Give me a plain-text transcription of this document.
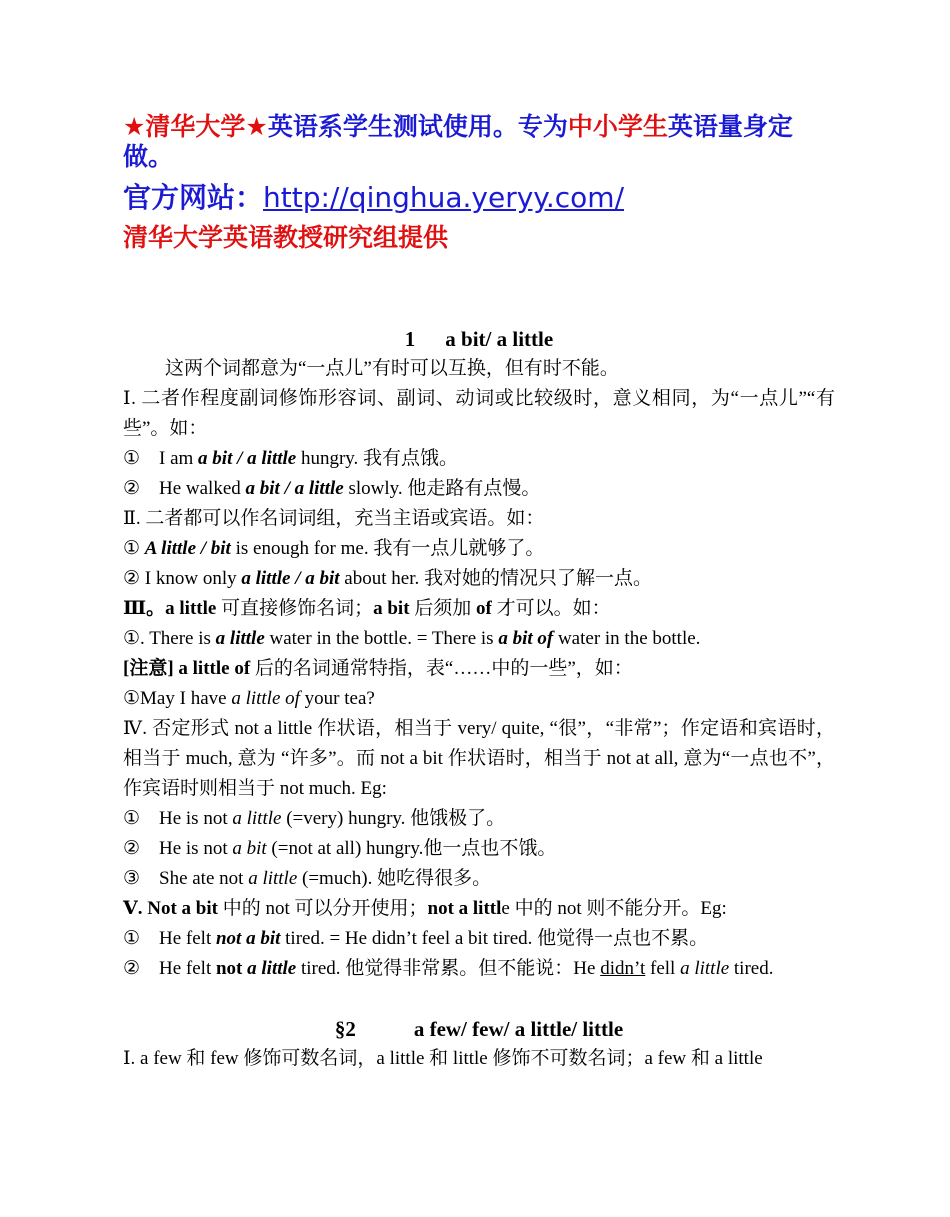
★清华大学★英语系学生测试使用。专为中小学生英语量身定做。
官方网站：http://qinghua.yeryy.com/
清华大学英语教授研究组提供
1 a bit/ a little

这两个词都意为“一点儿”有时可以互换，但有时不能。

Ⅰ. 二者作程度副词修饰形容词、副词、动词或比较级时，意义相同，为“一点儿”“有些”。如：

① I am a bit / a little hungry. 我有点饿。

② He walked a bit / a little slowly. 他走路有点慢。

Ⅱ. 二者都可以作名词词组，充当主语或宾语。如：

① A little / bit is enough for me. 我有一点儿就够了。

② I know only a little / a bit about her. 我对她的情况只了解一点。

Ⅲ。a little 可直接修饰名词；a bit 后须加 of 才可以。如：

①. There is a little water in the bottle. = There is a bit of water in the bottle.

[注意] a little of 后的名词通常特指，表“……中的一些”，如：

①May I have a little of your tea?

Ⅳ. 否定形式 not a little 作状语，相当于 very/ quite, “很”，“非常”；作定语和宾语时，相当于 much, 意为 “许多”。而 not a bit 作状语时，相当于 not at all, 意为“一点也不”， 作宾语时则相当于 not much. Eg:

① He is not a little (=very) hungry. 他饿极了。

② He is not a bit (=not at all) hungry.他一点也不饿。

③ She ate not a little (=much). 她吃得很多。

Ⅴ. Not a bit 中的 not 可以分开使用；not a little 中的 not 则不能分开。Eg:

① He felt not a bit tired. = He didn’t feel a bit tired. 他觉得一点也不累。

② He felt not a little tired. 他觉得非常累。但不能说：He didn’t fell a little tired.

§2	a few/ few/ a little/ little

Ⅰ. a few 和 few 修饰可数名词，a little 和 little 修饰不可数名词；a few 和 a little
